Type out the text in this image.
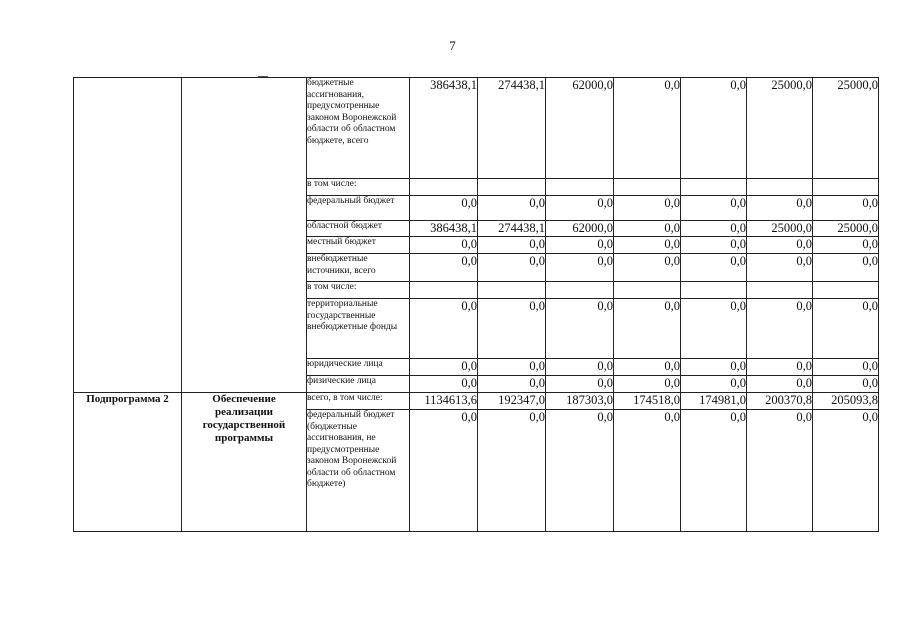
7
		бюджетные ассигнования, предусмотренные законом Воронежской области об областном бюджете, всего	386438,1	274438,1	62000,0	0,0	0,0	25000,0	25000,0
		в том числе:							
		федеральный бюджет	0,0	0,0	0,0	0,0	0,0	0,0	0,0
		областной бюджет	386438,1	274438,1	62000,0	0,0	0,0	25000,0	25000,0
		местный бюджет	0,0	0,0	0,0	0,0	0,0	0,0	0,0
		внебюджетные источники, всего	0,0	0,0	0,0	0,0	0,0	0,0	0,0
		в том числе:							
		территориальные государственные внебюджетные фонды	0,0	0,0	0,0	0,0	0,0	0,0	0,0
		юридические лица	0,0	0,0	0,0	0,0	0,0	0,0	0,0
		физические лица	0,0	0,0	0,0	0,0	0,0	0,0	0,0
Подпрограмма 2	Обеспечение реализации государственной программы	всего, в том числе:	1134613,6	192347,0	187303,0	174518,0	174981,0	200370,8	205093,8
		федеральный бюджет (бюджетные ассигнования, не предусмотренные законом Воронежской области об областном бюджете)	0,0	0,0	0,0	0,0	0,0	0,0	0,0
